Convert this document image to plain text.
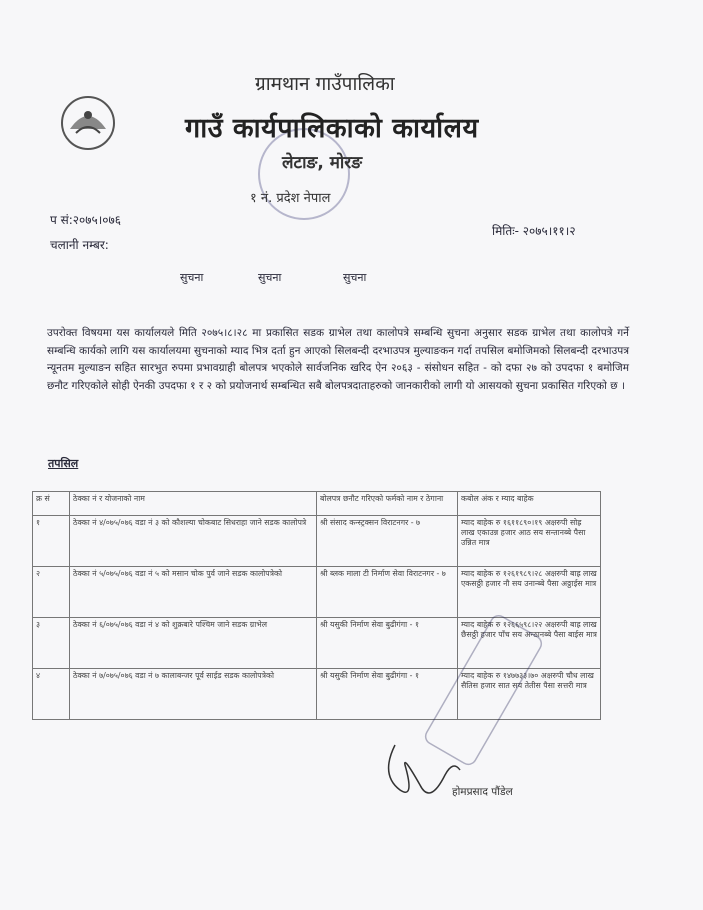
ग्रामथान गाउँपालिका
गाउँ कार्यपालिकाको कार्यालय
लेटाङ, मोरङ
१ नं. प्रदेश नेपाल
प सं:२०७५।०७६
मितिः- २०७५।११।२
चलानी नम्बर:
सुचना	सुचना	सुचना
उपरोक्त विषयमा यस कार्यालयले मिति २०७५।८।२८ मा प्रकासित सडक ग्राभेल तथा कालोपत्रे सम्बन्धि सुचना अनुसार सडक ग्राभेल तथा कालोपत्रे गर्ने सम्बन्धि कार्यको लागि यस कार्यालयमा सुचनाको म्याद भित्र दर्ता हुन आएको सिलबन्दी दरभाउपत्र मुल्याङकन गर्दा तपसिल बमोजिमको सिलबन्दी दरभाउपत्र न्यूनतम मुल्याङन सहित सारभुत रुपमा प्रभावग्राही बोलपत्र भएकोले सार्वजनिक खरिद ऐन २०६३ - संसोधन सहित - को दफा २७ को उपदफा १ बमोजिम छनौट गरिएकोले सोही ऐनकी उपदफा १ र २ को प्रयोजनार्थ सम्बन्धित सबै बोलपत्रदाताहरुको जानकारीको लागी यो आसयको सुचना प्रकासित गरिएको छ ।
तपसिल
क्र सं	ठेक्का नं र योजनाको नाम	बोलपत्र छनौट गरिएको फर्मको नाम र ठेगाना	कबोल अंक र म्याद बाहेक
१	ठेक्का नं ४/०७५/०७६ वडा नं ३ को कौशल्या चोकबाट सिधराहा जाने सडक कालोपत्रे	श्री संसाद कन्स्ट्रक्सन विराटनगर - ७	म्याद बाहेक रु १६११८९०।१९ अक्षरुपी सोह्र लाख एकाउन्न हजार आठ सय सन्तानब्बे पैसा उन्नित मात्र
२	ठेक्का नं ५/०७५/०७६ वडा नं ५ को मसान चोक पुर्व जाने सडक कालोपत्रेको	श्री ब्लक माला टी निर्माण सेवा विराटनगर - ७	म्याद बाहेक रु १२६१९८९।२८ अक्षरुपी बाह्र लाख एकसठ्ठी हजार नौ सय उनान्ब्बे पैसा अठ्ठाईस मात्र
३	ठेक्का नं ६/०७५/०७६ वडा नं ४ को शुक्रबारे पश्चिम जाने सडक ग्राभेल	श्री यसुकी निर्माण सेवा बुढीगंगा - १	म्याद बाहेक रु १२६६५९८।२२ अक्षरुपी बाह्र लाख छैसठ्ठी हजार पाँच सय अन्ठानब्बे पैसा बाईस मात्र
४	ठेक्का नं ७/०७५/०७६ वडा नं ७ कालाबन्जर पूर्व साईड सडक कालोपत्रेको	श्री यसुकी निर्माण सेवा बुढीगंगा - १	म्याद बाहेक रु १४७७३३।७० अक्षरुपी चौध लाख सैतिस हजार सात सय तेतीस पैसा सत्तरी मात्र
होमप्रसाद पौंडेल
